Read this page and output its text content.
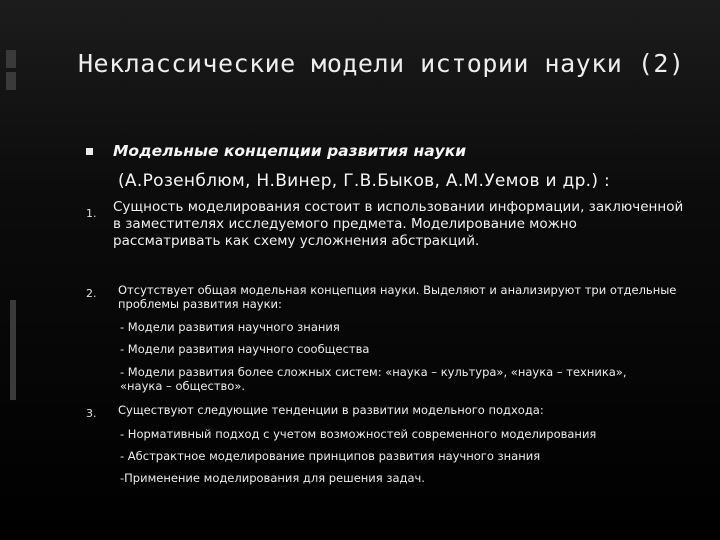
Неклассические модели истории науки (2)
Модельные концепции развития науки
(А.Розенблюм, Н.Винер, Г.В.Быков, А.М.Уемов и др.) :
1. Сущность моделирования состоит в использовании информации, заключенной в заместителях исследуемого предмета. Моделирование можно рассматривать как схему усложнения абстракций.
2. Отсутствует общая модельная концепция науки. Выделяют и анализируют три отдельные проблемы развития науки:
- Модели развития научного знания
- Модели развития научного сообщества
- Модели развития более сложных систем: «наука – культура», «наука – техника», «наука – общество».
3. Существуют следующие тенденции в развитии модельного подхода:
- Нормативный подход с учетом возможностей современного моделирования
- Абстрактное моделирование принципов развития научного знания
-Применение моделирования для решения задач.
